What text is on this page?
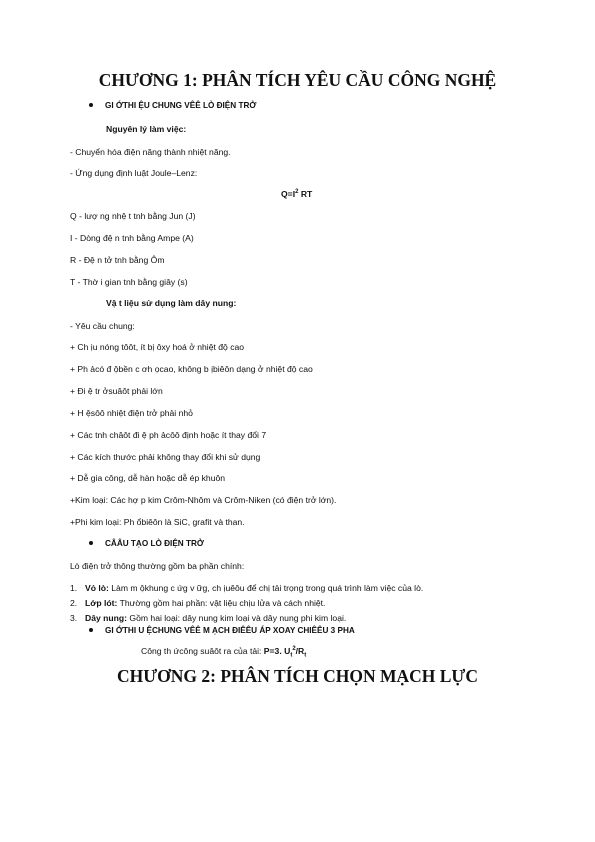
CHƯƠNG 1: PHÂN TÍCH YÊU CẦU CÔNG NGHỆ
GI ỚTHI ỆU CHUNG VÊÊ LÒ ĐIỆN TRỞ
Nguyên lý làm việc:
- Chuyển hóa điện năng thành nhiệt năng.
- Ứng dụng định luật Joule–Lenz:
$Q=I^2$ RT
Q - lượ ng nhệ t tnh bằng Jun (J)
I - Dòng đệ n tnh bằng Ampe (A)
R - Đệ n tở tnh bằng Ôm
T - Thờ i gian tnh bằng giây (s)
Vậ t liệu sử dụng làm dây nung:
- Yêu cầu chung:
+ Ch ịu nóng tôôt, ít bị ôxy hoá ở nhiệt độ cao
+ Ph ảcó đ ộbền c ơh ọcao, không b ịbiêôn dạng ở nhiệt độ cao
+ Đi ệ tr ởsuâôt phải lớn
+ H ệsôô nhiệt điện trở phải nhỏ
+ Các tnh châôt đi ệ ph ảcôô định hoặc ít thay đổi 7
+ Các kích thước phải không thay đổi khi sử dụng
+ Dễ gia công, dễ hàn hoặc dễ ép khuôn
+Kim loại: Các hợ p kim Crôm-Nhôm và Crôm-Niken (có điện trở lớn).
+Phi kim loại: Ph ổbiêôn là SiC, grafit và than.
CÂÂU TẠO LÒ ĐIỆN TRỞ
Lò điện trở thông thường gồm ba phần chính:
1. Vỏ lò: Làm m ộkhung c ứg v ữg, ch ịuêôu để chị tải trọng trong quá trình làm việc của lò.
2. Lớp lót: Thường gồm hai phần: vật liệu chịu lửa và cách nhiệt.
3. Dây nung: Gồm hai loại: dây nung kim loại và dây nung phi kim loại.
GI ỚTHI U ỆCHUNG VÊÊ M ẠCH ĐIÊÊU ÁP XOAY CHIÊÊU 3 PHA
Công th ứcông suâôt ra của tải: P=3. $U_t^2/R_t$
CHƯƠNG 2: PHÂN TÍCH CHỌN MẠCH LỰC
